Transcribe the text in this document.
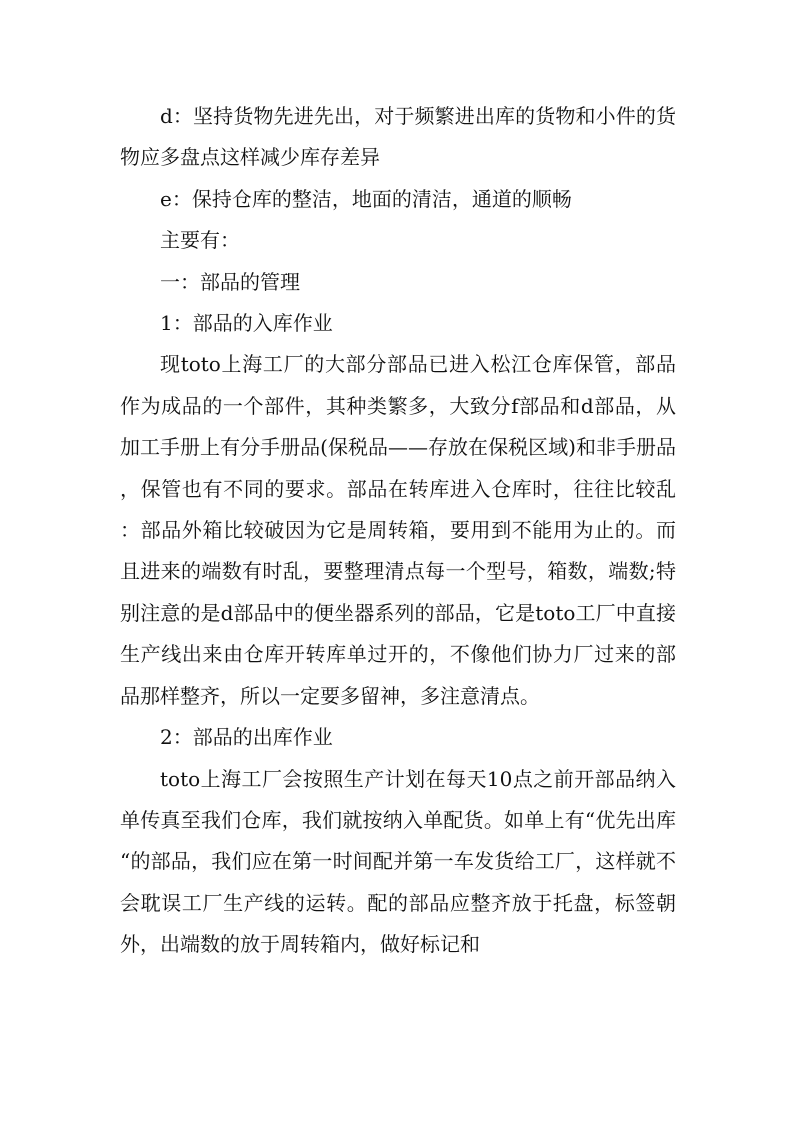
d：坚持货物先进先出，对于频繁进出库的货物和小件的货物应多盘点这样减少库存差异

e：保持仓库的整洁，地面的清洁，通道的顺畅

主要有：

一：部品的管理

1：部品的入库作业

现toto上海工厂的大部分部品已进入松江仓库保管，部品作为成品的一个部件，其种类繁多，大致分f部品和d部品，从加工手册上有分手册品(保税品——存放在保税区域)和非手册品，保管也有不同的要求。部品在转库进入仓库时，往往比较乱：部品外箱比较破因为它是周转箱，要用到不能用为止的。而且进来的端数有时乱，要整理清点每一个型号，箱数，端数;特别注意的是d部品中的便坐器系列的部品，它是toto工厂中直接生产线出来由仓库开转库单过开的，不像他们协力厂过来的部品那样整齐，所以一定要多留神，多注意清点。

2：部品的出库作业

toto上海工厂会按照生产计划在每天10点之前开部品纳入单传真至我们仓库，我们就按纳入单配货。如单上有“优先出库“的部品，我们应在第一时间配并第一车发货给工厂，这样就不会耽误工厂生产线的运转。配的部品应整齐放于托盘，标签朝外，出端数的放于周转箱内，做好标记和
